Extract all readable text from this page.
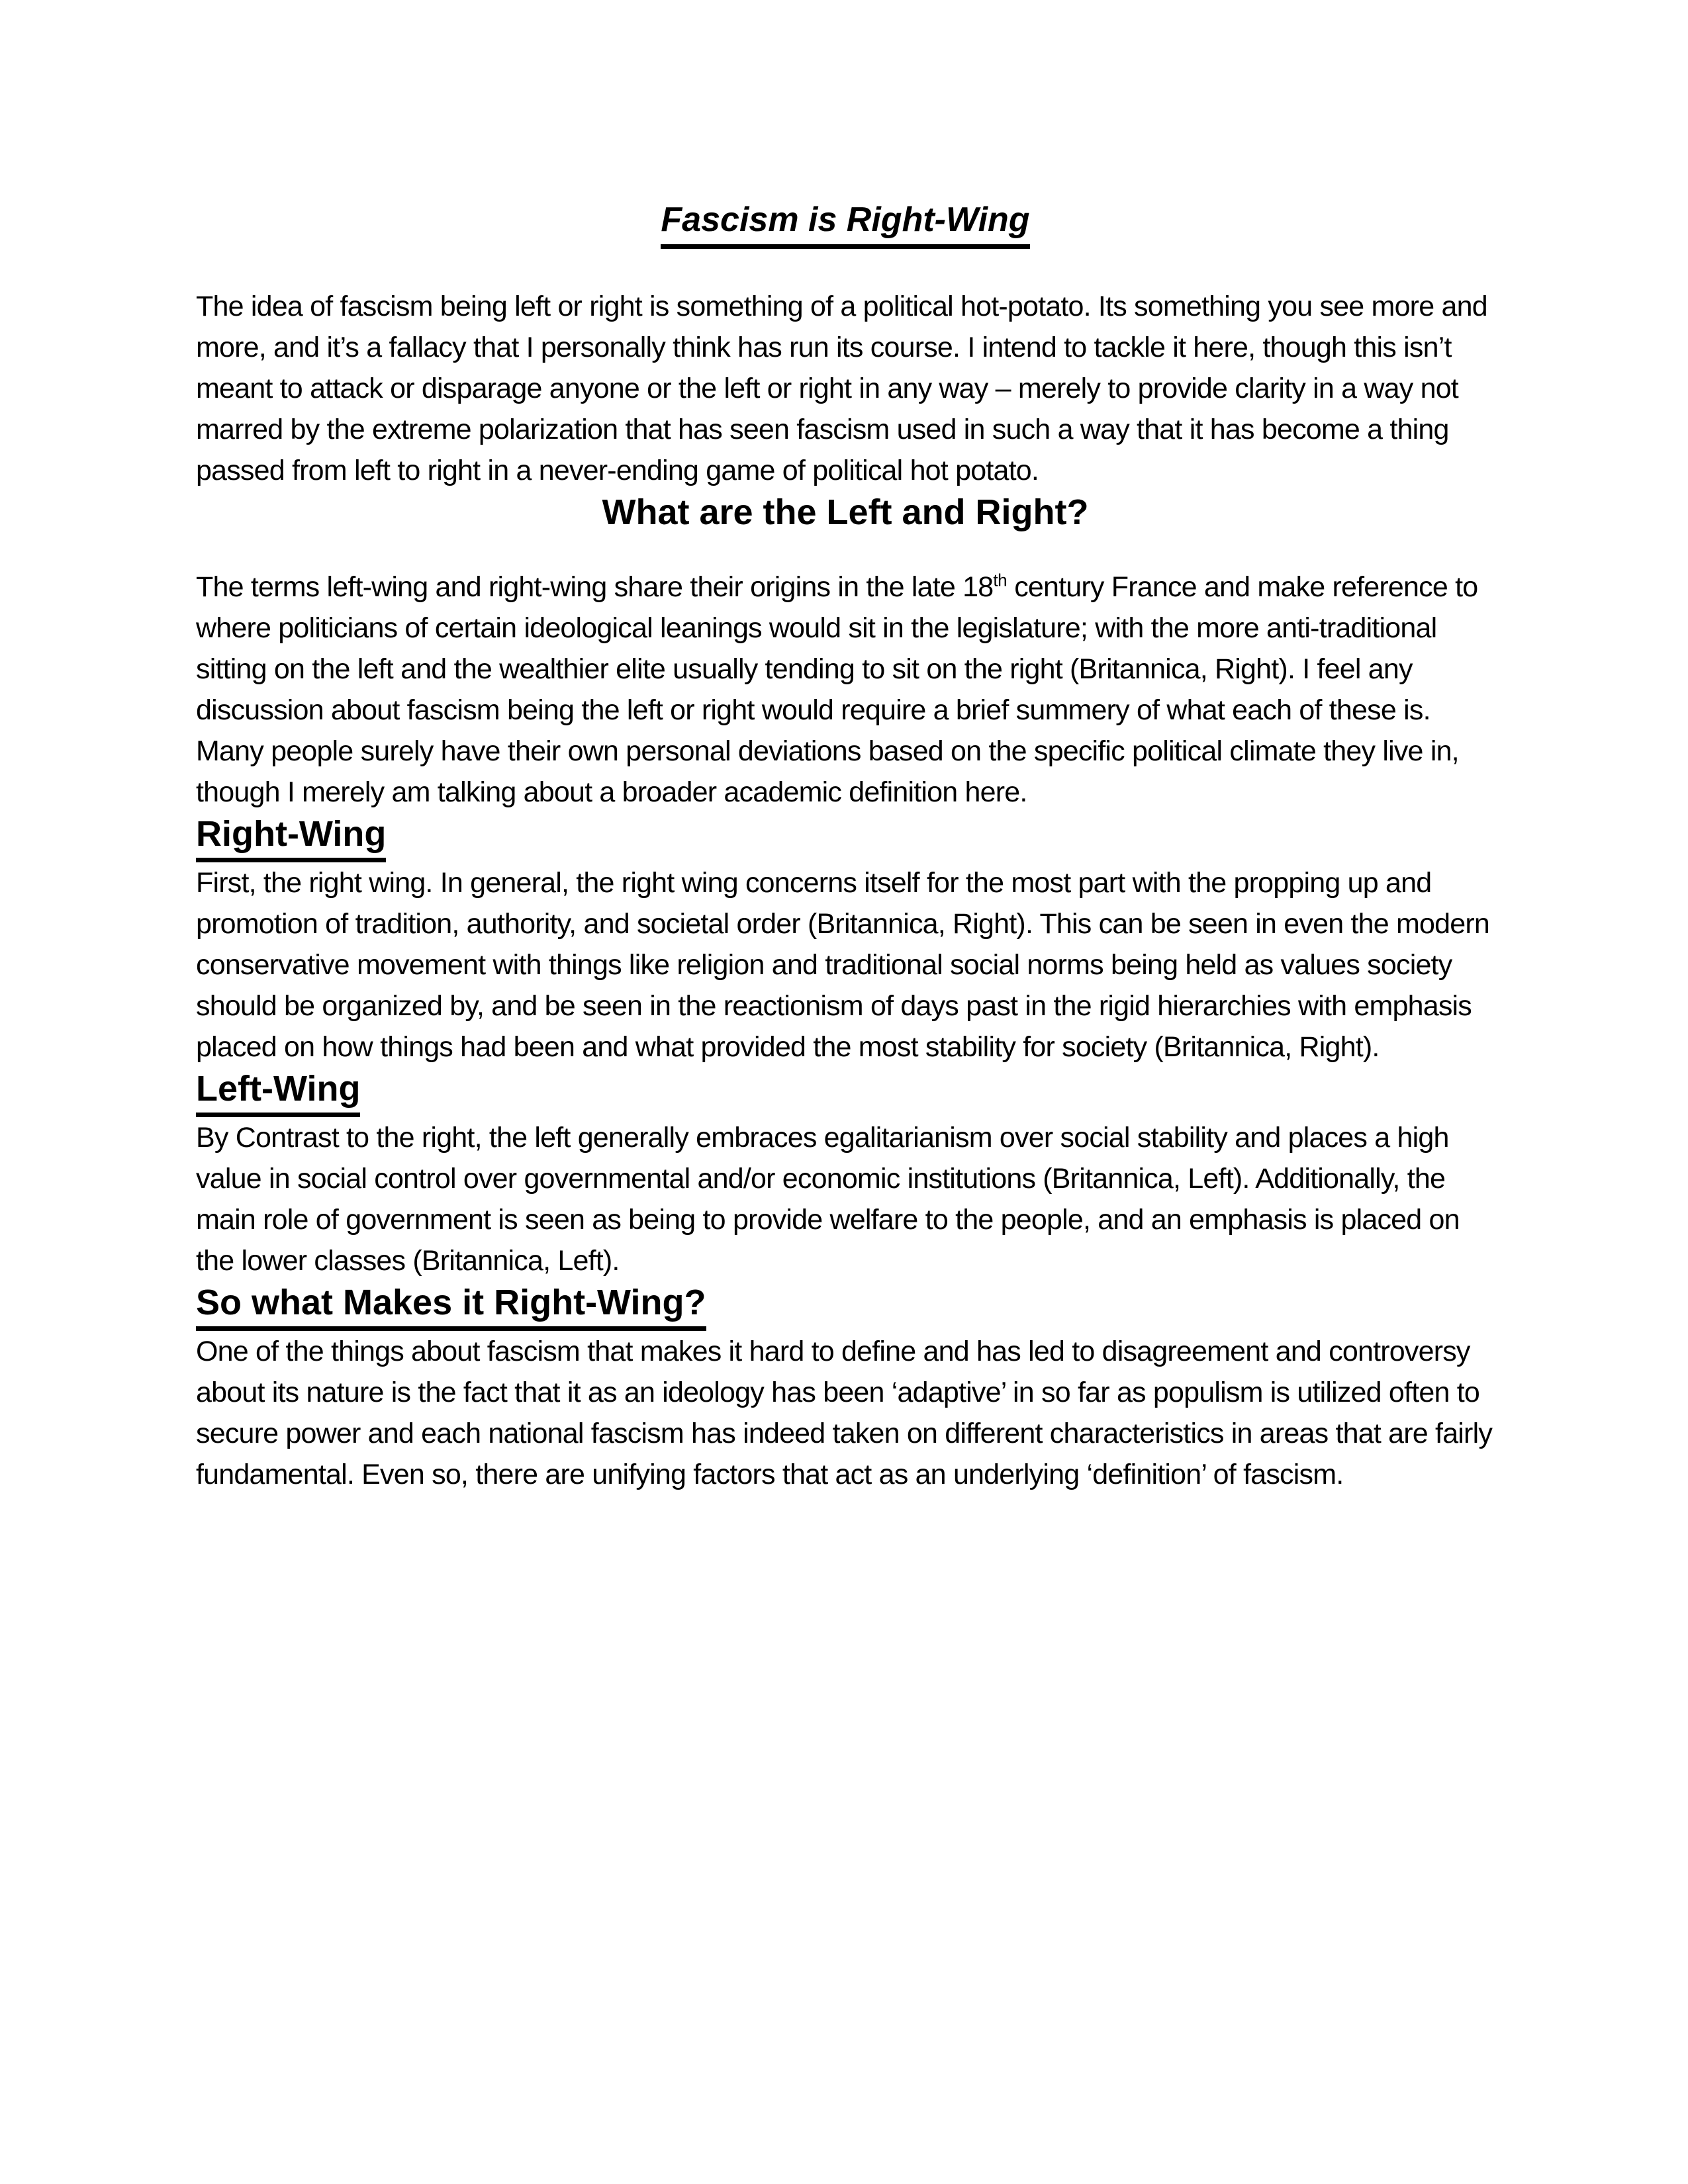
Fascism is Right-Wing

The idea of fascism being left or right is something of a political hot-potato. Its something you see more and more, and it’s a fallacy that I personally think has run its course. I intend to tackle it here, though this isn’t meant to attack or disparage anyone or the left or right in any way – merely to provide clarity in a way not marred by the extreme polarization that has seen fascism used in such a way that it has become a thing passed from left to right in a never-ending game of political hot potato.

What are the Left and Right?

The terms left-wing and right-wing share their origins in the late 18th century France and make reference to where politicians of certain ideological leanings would sit in the legislature; with the more anti-traditional sitting on the left and the wealthier elite usually tending to sit on the right (Britannica, Right). I feel any discussion about fascism being the left or right would require a brief summery of what each of these is. Many people surely have their own personal deviations based on the specific political climate they live in, though I merely am talking about a broader academic definition here.

Right-Wing

First, the right wing. In general, the right wing concerns itself for the most part with the propping up and promotion of tradition, authority, and societal order (Britannica, Right). This can be seen in even the modern conservative movement with things like religion and traditional social norms being held as values society should be organized by, and be seen in the reactionism of days past in the rigid hierarchies with emphasis placed on how things had been and what provided the most stability for society (Britannica, Right).

Left-Wing

By Contrast to the right, the left generally embraces egalitarianism over social stability and places a high value in social control over governmental and/or economic institutions (Britannica, Left). Additionally, the main role of government is seen as being to provide welfare to the people, and an emphasis is placed on the lower classes (Britannica, Left).

So what Makes it Right-Wing?

One of the things about fascism that makes it hard to define and has led to disagreement and controversy about its nature is the fact that it as an ideology has been ‘adaptive’ in so far as populism is utilized often to secure power and each national fascism has indeed taken on different characteristics in areas that are fairly fundamental. Even so, there are unifying factors that act as an underlying ‘definition’ of fascism.
